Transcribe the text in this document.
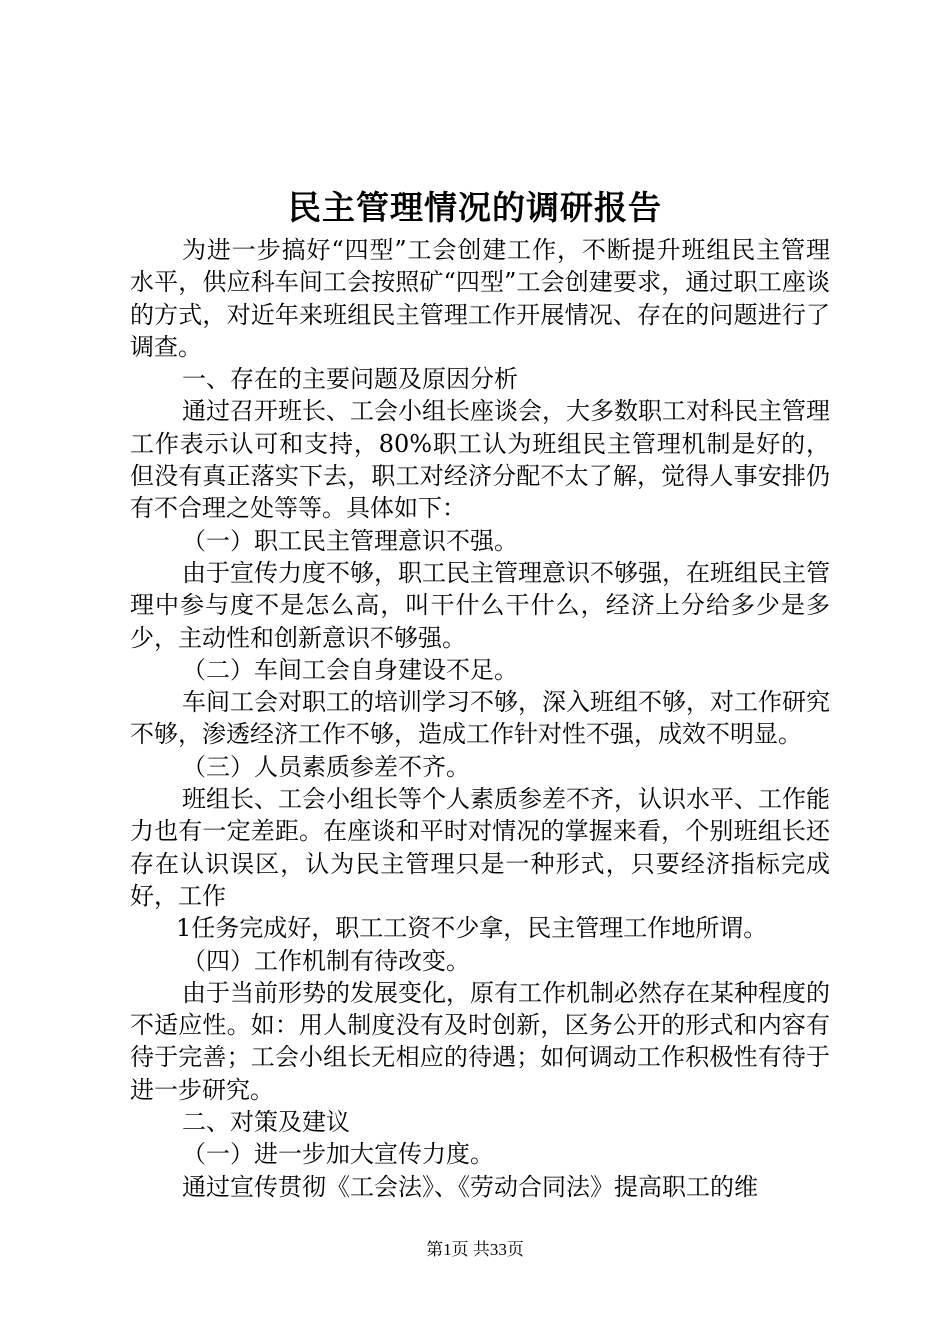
民主管理情况的调研报告

为进一步搞好“四型”工会创建工作，不断提升班组民主管理水平，供应科车间工会按照矿“四型”工会创建要求，通过职工座谈的方式，对近年来班组民主管理工作开展情况、存在的问题进行了调查。

一、存在的主要问题及原因分析

通过召开班长、工会小组长座谈会，大多数职工对科民主管理工作表示认可和支持，80%职工认为班组民主管理机制是好的，但没有真正落实下去，职工对经济分配不太了解，觉得人事安排仍有不合理之处等等。具体如下：

（一）职工民主管理意识不强。

由于宣传力度不够，职工民主管理意识不够强，在班组民主管理中参与度不是怎么高，叫干什么干什么，经济上分给多少是多少，主动性和创新意识不够强。

（二）车间工会自身建设不足。

车间工会对职工的培训学习不够，深入班组不够，对工作研究不够，渗透经济工作不够，造成工作针对性不强，成效不明显。

（三）人员素质参差不齐。

班组长、工会小组长等个人素质参差不齐，认识水平、工作能力也有一定差距。在座谈和平时对情况的掌握来看，个别班组长还存在认识误区，认为民主管理只是一种形式，只要经济指标完成好，工作

1任务完成好，职工工资不少拿，民主管理工作地所谓。

（四）工作机制有待改变。

由于当前形势的发展变化，原有工作机制必然存在某种程度的不适应性。如：用人制度没有及时创新，区务公开的形式和内容有待于完善；工会小组长无相应的待遇；如何调动工作积极性有待于进一步研究。

二、对策及建议

（一）进一步加大宣传力度。

通过宣传贯彻《工会法》、《劳动合同法》提高职工的维

第1页 共33页
